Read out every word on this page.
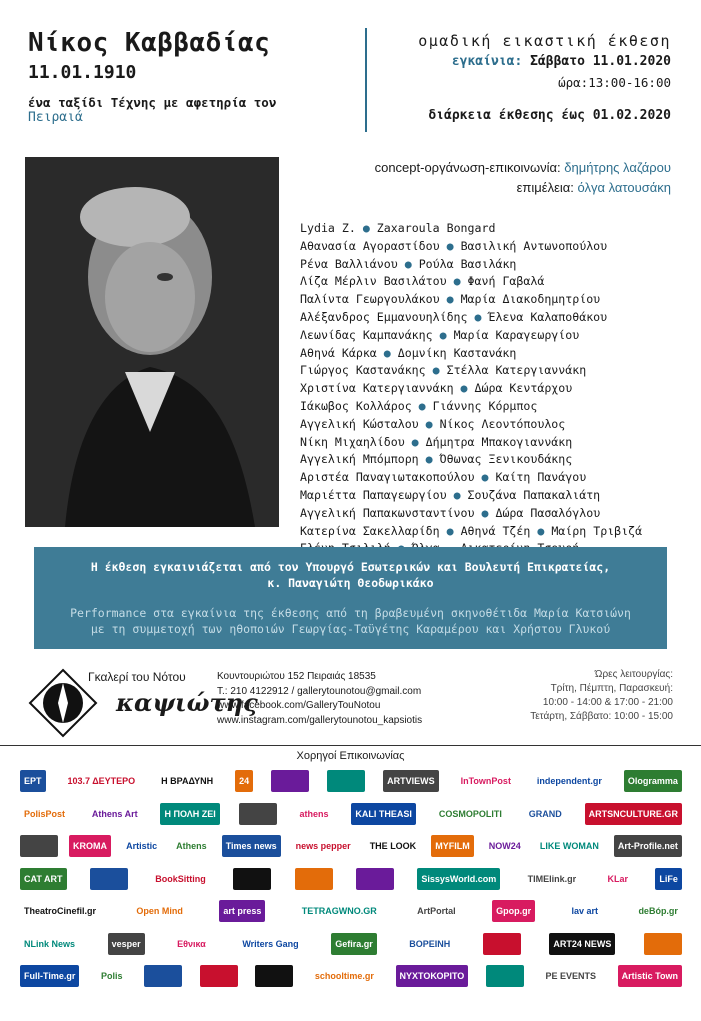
Νίκος Καββαδίας
11.01.1910
ένα ταξίδι Τέχνης με αφετηρία τον
Πειραιά
ομαδική εικαστική έκθεση
εγκαίνια: Σάββατο 11.01.2020
ώρα:13:00-16:00
διάρκεια έκθεσης έως 01.02.2020
concept-οργάνωση-επικοινωνία: δημήτρης λαζάρου
επιμέλεια: όλγα λατουσάκη
Lydia Z. ● Zaxaroula Bongard
Αθανασία Αγοραστίδου ● Βασιλική Αντωνοπούλου
Ρένα Βαλλιάνου ● Ρούλα Βασιλάκη
Λίζα Μέρλιν Βασιλάτου ● Φανή Γαβαλά
Παλίντα Γεωργουλάκου ● Μαρία Διακοδημητρίου
Αλέξανδρος Εμμανουηλίδης ● Έλενα Καλαποθάκου
Λεωνίδας Καμπανάκης ● Μαρία Καραγεωργίου
Αθηνά Κάρκα ● Δομνίκη Καστανάκη
Γιώργος Καστανάκης ● Στέλλα Κατεργιαννάκη
Χριστίνα Κατεργιαννάκη ● Δώρα Κεντάρχου
Ιάκωβος Κολλάρος ● Γιάννης Κόρμπος
Αγγελική Κώσταλου ● Νίκος Λεοντόπουλος
Νίκη Μιχαηλίδου ● Δήμητρα Μπακογιαννάκη
Αγγελική Μπόμπορη ● Όθωνας Ξενικουδάκης
Αριστέα Παναγιωτακοπούλου ● Καίτη Πανάγου
Μαριέττα Παπαγεωργίου ● Σουζάνα Παπακαλιάτη
Αγγελική Παπακωνσταντίνου ● Δώρα Πασαλόγλου
Κατερίνα Σακελλαρίδη ● Αθηνά Τζέη ● Μαίρη Τριβιζά
Η έκθεση εγκαινιάζεται από τον Υπουργό Εσωτερικών και Βουλευτή Επικρατείας,
κ. Παναγιώτη Θεοδωρικάκο
Performance στα εγκαίνια της έκθεσης από τη βραβευμένη σκηνοθέτιδα Μαρία Κατσιώνη
με τη συμμετοχή των ηθοποιών Γεωργίας-Ταϋγέτης Καραμέρου και Χρήστου Γλυκού
Γκαλερί του Νότου
καψιώτης
Κουντουριώτου 152 Πειραιάς 18535
Τ.: 210 4122912 / gallerytounotou@gmail.com
www.facebook.com/GalleryTouNotou
www.instagram.com/gallerytounotou_kapsiotis
Ώρες λειτουργίας:
Τρίτη, Πέμπτη, Παρασκευή:
10:00 - 14:00 & 17:00 - 21:00
Τετάρτη, Σάββατο: 10:00 - 15:00
Χορηγοί Επικοινωνίας
ΕΡΤ	103.7 ΔΕΥΤΕΡΟ	Η ΒΡΑΔΥΝΗ	24	ARTVIEWS	InTownPost	independent.gr	Ologramma
PolisPost	Athens Art	Η ΠΟΛΗ ΖΕΙ	athens	KALI THEASI	COSMOPOLITI	GRAND	ARTSNCULTURE.GR
KROMA	Artistic	Athens	Times news	news pepper	THE LOOK	MYFILM	NOW24	LIKE WOMAN	Art-Profile.net
CAT ART	BookSitting	SissysWorld.com	TIMElink.gr	KLar	LiFe
TheatroCinefil.gr	Open Mind	art press	TETRAGWNO.GR	ArtPortal	Gpop.gr	lav art	deBóp.gr
NLink News	vesper	Εθνικα	Writers Gang	Gefira.gr	ΒΟΡΕΙΝΗ	ART24 NEWS
Full-Time.gr	Polis	schooltime.gr	ΝΥΧΤΟΚΟΡΙΤΟ	PE EVENTS	Artistic Town
